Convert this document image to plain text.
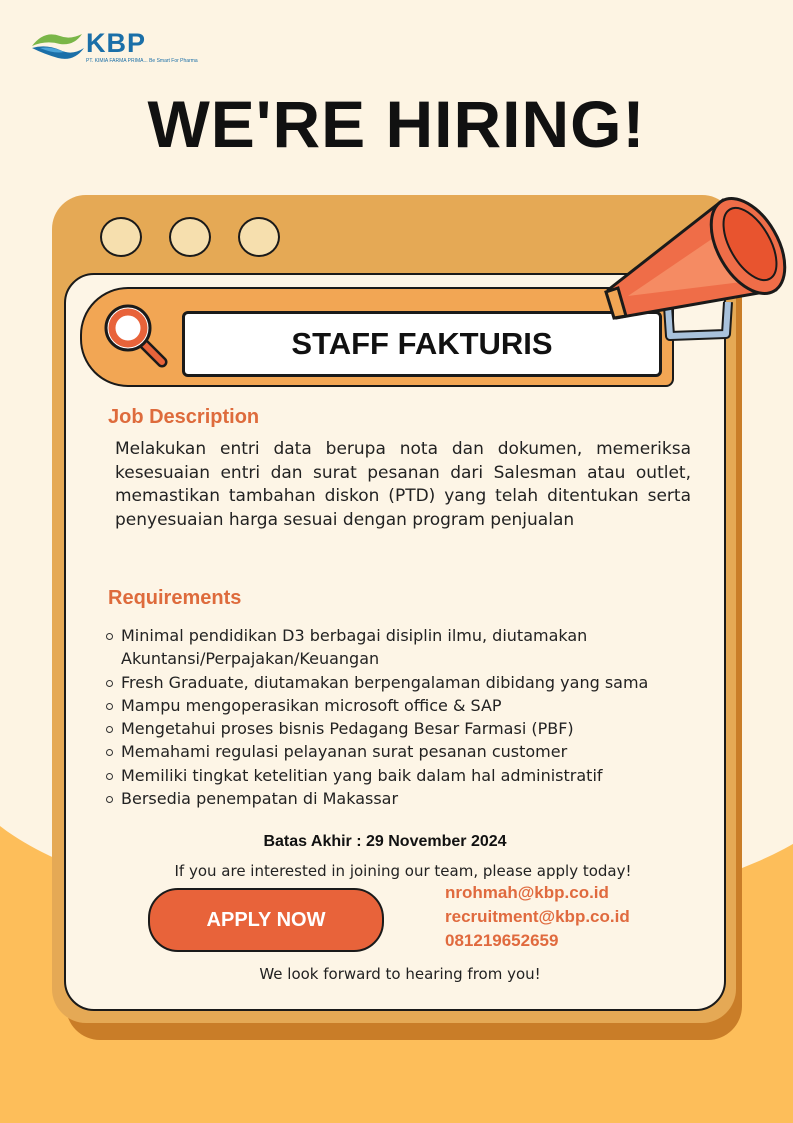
KBP
PT. KIMIA FARMA PRIMA... Be Smart For Pharma
WE'RE HIRING!
STAFF FAKTURIS
Job Description

Melakukan entri data berupa nota dan dokumen, memeriksa kesesuaian entri dan surat pesanan dari Salesman atau outlet, memastikan tambahan diskon (PTD) yang telah ditentukan serta penyesuaian harga sesuai dengan program penjualan

Requirements
Minimal pendidikan D3 berbagai disiplin ilmu, diutamakan Akuntansi/Perpajakan/Keuangan
Fresh Graduate, diutamakan berpengalaman dibidang yang sama
Mampu mengoperasikan microsoft office & SAP
Mengetahui proses bisnis Pedagang Besar Farmasi (PBF)
Memahami regulasi pelayanan surat pesanan customer
Memiliki tingkat ketelitian yang baik dalam hal administratif
Bersedia penempatan di Makassar
Batas Akhir : 29 November 2024
If you are interested in joining our team, please apply today!
APPLY NOW
nrohmah@kbp.co.id
recruitment@kbp.co.id
081219652659
We look forward to hearing from you!
